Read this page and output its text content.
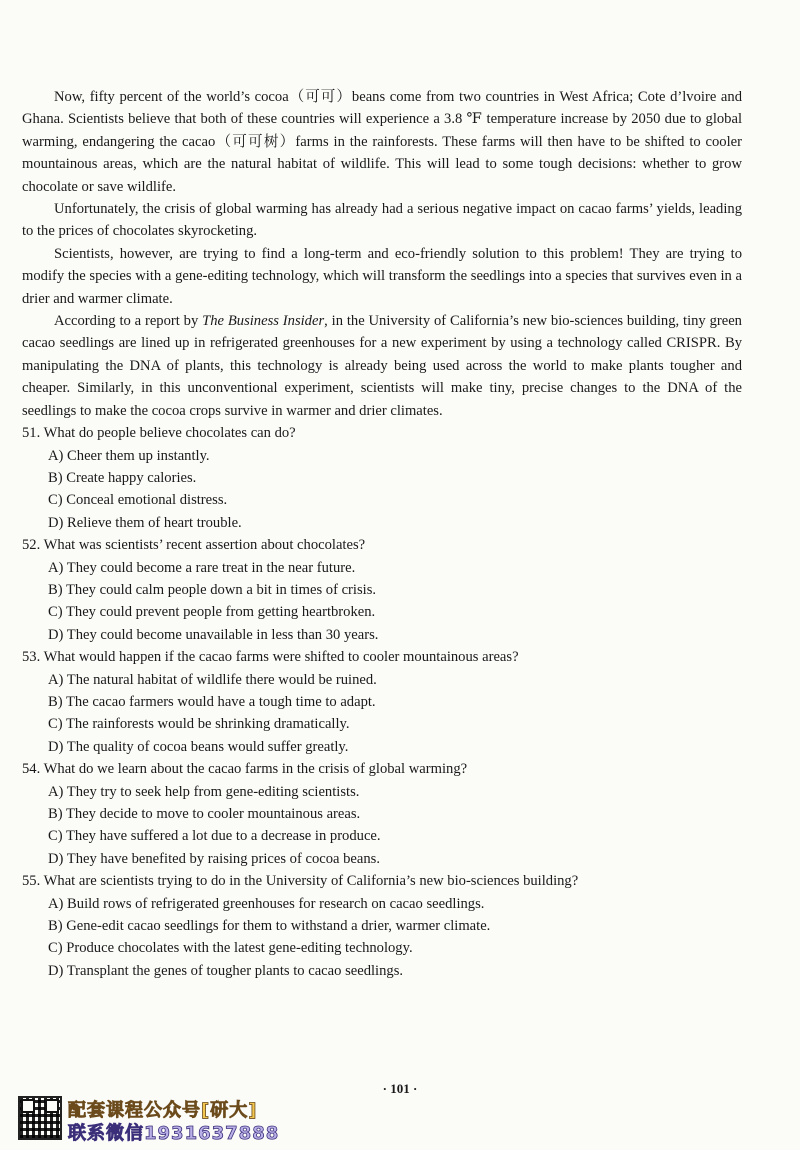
Now, fifty percent of the world’s cocoa（可可）beans come from two countries in West Africa; Cote d’lvoire and Ghana. Scientists believe that both of these countries will experience a 3.8 ℉ temperature increase by 2050 due to global warming, endangering the cacao（可可树）farms in the rainforests. These farms will then have to be shifted to cooler mountainous areas, which are the natural habitat of wildlife. This will lead to some tough decisions: whether to grow chocolate or save wildlife.

Unfortunately, the crisis of global warming has already had a serious negative impact on cacao farms’ yields, leading to the prices of chocolates skyrocketing.

Scientists, however, are trying to find a long-term and eco-friendly solution to this problem! They are trying to modify the species with a gene-editing technology, which will transform the seedlings into a species that survives even in a drier and warmer climate.

According to a report by The Business Insider, in the University of California’s new bio-sciences building, tiny green cacao seedlings are lined up in refrigerated greenhouses for a new experiment by using a technology called CRISPR. By manipulating the DNA of plants, this technology is already being used across the world to make plants tougher and cheaper. Similarly, in this unconventional experiment, scientists will make tiny, precise changes to the DNA of the seedlings to make the cocoa crops survive in warmer and drier climates.

51. What do people believe chocolates can do?

A) Cheer them up instantly.

B) Create happy calories.

C) Conceal emotional distress.

D) Relieve them of heart trouble.

52. What was scientists’ recent assertion about chocolates?

A) They could become a rare treat in the near future.

B) They could calm people down a bit in times of crisis.

C) They could prevent people from getting heartbroken.

D) They could become unavailable in less than 30 years.

53. What would happen if the cacao farms were shifted to cooler mountainous areas?

A) The natural habitat of wildlife there would be ruined.

B) The cacao farmers would have a tough time to adapt.

C) The rainforests would be shrinking dramatically.

D) The quality of cocoa beans would suffer greatly.

54. What do we learn about the cacao farms in the crisis of global warming?

A) They try to seek help from gene-editing scientists.

B) They decide to move to cooler mountainous areas.

C) They have suffered a lot due to a decrease in produce.

D) They have benefited by raising prices of cocoa beans.

55. What are scientists trying to do in the University of California’s new bio-sciences building?

A) Build rows of refrigerated greenhouses for research on cacao seedlings.

B) Gene-edit cacao seedlings for them to withstand a drier, warmer climate.

C) Produce chocolates with the latest gene-editing technology.

D) Transplant the genes of tougher plants to cacao seedlings.

· 101 ·
配套课程公众号[研大]
联系微信1931637888
